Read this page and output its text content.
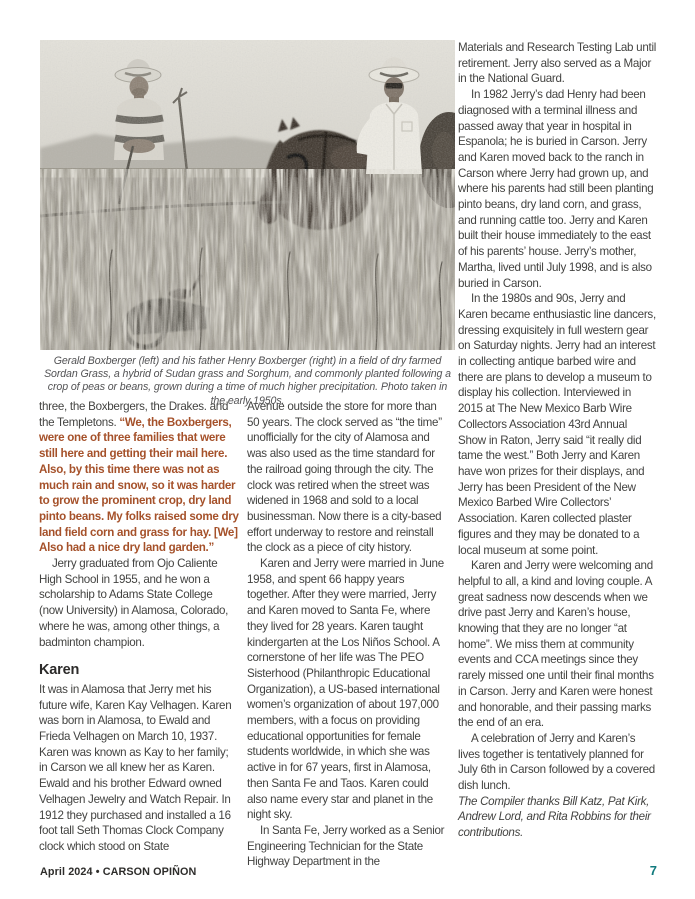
Gerald Boxberger (left) and his father Henry Boxberger (right) in a field of dry farmed Sordan Grass, a hybrid of Sudan grass and Sorghum, and commonly planted following a crop of peas or beans, grown during a time of much higher precipitation. Photo taken in the early 1950s.

three, the Boxbergers, the Drakes. and the Templetons. “We, the Boxbergers, were one of three families that were still here and getting their mail here. Also, by this time there was not as much rain and snow, so it was harder to grow the prominent crop, dry land pinto beans. My folks raised some dry land field corn and grass for hay. [We] Also had a nice dry land garden.”

Jerry graduated from Ojo Caliente High School in 1955, and he won a scholarship to Adams State College (now University) in Alamosa, Colorado, where he was, among other things, a badminton champion.

Karen

It was in Alamosa that Jerry met his future wife, Karen Kay Velhagen. Karen was born in Alamosa, to Ewald and Frieda Velhagen on March 10, 1937. Karen was known as Kay to her family; in Carson we all knew her as Karen. Ewald and his brother Edward owned Velhagen Jewelry and Watch Repair. In 1912 they purchased and installed a 16 foot tall Seth Thomas Clock Company clock which stood on State

Avenue outside the store for more than 50 years. The clock served as “the time” unofficially for the city of Alamosa and was also used as the time standard for the railroad going through the city. The clock was retired when the street was widened in 1968 and sold to a local businessman. Now there is a city-based effort underway to restore and reinstall the clock as a piece of city history.

Karen and Jerry were married in June 1958, and spent 66 happy years together. After they were married, Jerry and Karen moved to Santa Fe, where they lived for 28 years. Karen taught kindergarten at the Los Niños School. A cornerstone of her life was The PEO Sisterhood (Philanthropic Educational Organization), a US-based international women’s organization of about 197,000 members, with a focus on providing educational opportunities for female students worldwide, in which she was active in for 67 years, first in Alamosa, then Santa Fe and Taos. Karen could also name every star and planet in the night sky.

In Santa Fe, Jerry worked as a Senior Engineering Technician for the State Highway Department in the

Materials and Research Testing Lab until retirement. Jerry also served as a Major in the National Guard.

In 1982 Jerry’s dad Henry had been diagnosed with a terminal illness and passed away that year in hospital in Espanola; he is buried in Carson. Jerry and Karen moved back to the ranch in Carson where Jerry had grown up, and where his parents had still been planting pinto beans, dry land corn, and grass, and running cattle too. Jerry and Karen built their house immediately to the east of his parents’ house. Jerry’s mother, Martha, lived until July 1998, and is also buried in Carson.

In the 1980s and 90s, Jerry and Karen became enthusiastic line dancers, dressing exquisitely in full western gear on Saturday nights. Jerry had an interest in collecting antique barbed wire and there are plans to develop a museum to display his collection. Interviewed in 2015 at The New Mexico Barb Wire Collectors Association 43rd Annual Show in Raton, Jerry said “it really did tame the west.” Both Jerry and Karen have won prizes for their displays, and Jerry has been President of the New Mexico Barbed Wire Collectors’ Association. Karen collected plaster figures and they may be donated to a local museum at some point.

Karen and Jerry were welcoming and helpful to all, a kind and loving couple. A great sadness now descends when we drive past Jerry and Karen’s house, knowing that they are no longer “at home”. We miss them at community events and CCA meetings since they rarely missed one until their final months in Carson. Jerry and Karen were honest and honorable, and their passing marks the end of an era.

A celebration of Jerry and Karen’s lives together is tentatively planned for July 6th in Carson followed by a covered dish lunch.

The Compiler thanks Bill Katz, Pat Kirk, Andrew Lord, and Rita Robbins for their contributions.

April 2024 • CARSON OPIÑON	7
